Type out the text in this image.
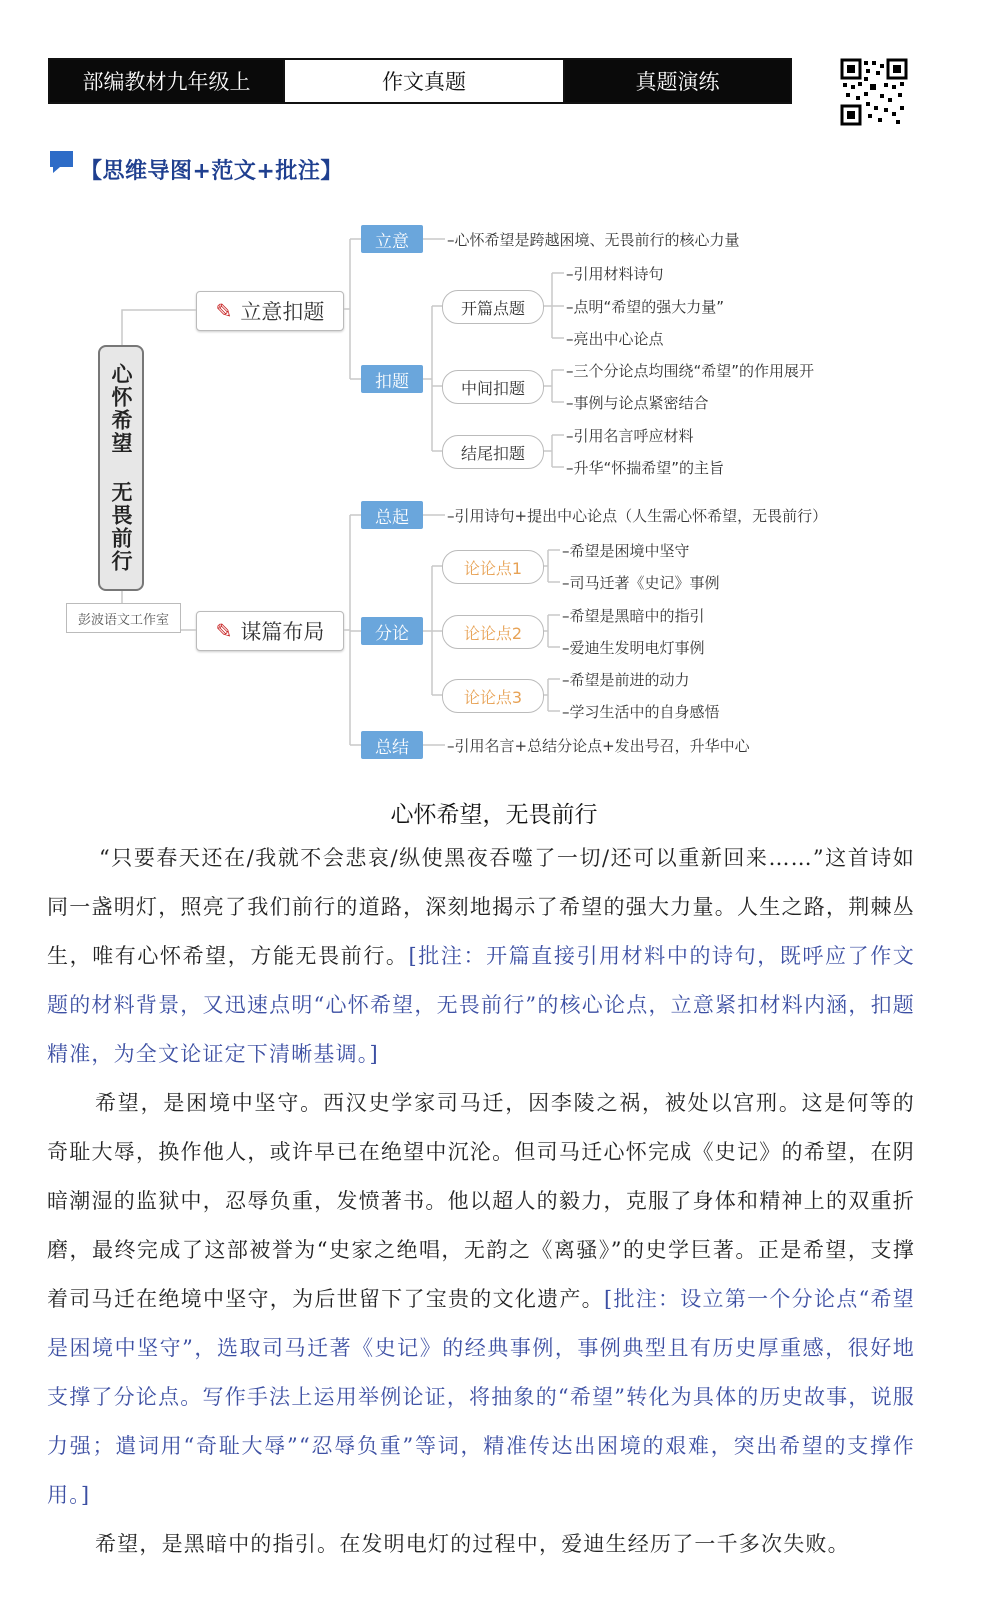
部编教材九年级上	作文真题	真题演练
【思维导图+范文+批注】
心怀希望 无畏前行
彭波语文工作室
✎ 立意扣题
立意	–心怀希望是跨越困境、无畏前行的核心力量
扣题
开篇点题
–引用材料诗句
–点明“希望的强大力量”
–亮出中心论点
中间扣题
–三个分论点均围绕“希望”的作用展开
–事例与论点紧密结合
结尾扣题
–引用名言呼应材料
–升华“怀揣希望”的主旨
✎ 谋篇布局
总起	–引用诗句+提出中心论点（人生需心怀希望，无畏前行）
分论
论论点1
–希望是困境中坚守
–司马迁著《史记》事例
论论点2
–希望是黑暗中的指引
–爱迪生发明电灯事例
论论点3
–希望是前进的动力
–学习生活中的自身感悟
总结	–引用名言+总结分论点+发出号召，升华中心
心怀希望，无畏前行
“只要春天还在/我就不会悲哀/纵使黑夜吞噬了一切/还可以重新回来……”这首诗如同一盏明灯，照亮了我们前行的道路，深刻地揭示了希望的强大力量。人生之路，荆棘丛生，唯有心怀希望，方能无畏前行。[批注：开篇直接引用材料中的诗句，既呼应了作文题的材料背景，又迅速点明“心怀希望，无畏前行”的核心论点，立意紧扣材料内涵，扣题精准，为全文论证定下清晰基调。]
希望，是困境中坚守。西汉史学家司马迁，因李陵之祸，被处以宫刑。这是何等的奇耻大辱，换作他人，或许早已在绝望中沉沦。但司马迁心怀完成《史记》的希望，在阴暗潮湿的监狱中，忍辱负重，发愤著书。他以超人的毅力，克服了身体和精神上的双重折磨，最终完成了这部被誉为“史家之绝唱，无韵之《离骚》”的史学巨著。正是希望，支撑着司马迁在绝境中坚守，为后世留下了宝贵的文化遗产。[批注：设立第一个分论点“希望是困境中坚守”，选取司马迁著《史记》的经典事例，事例典型且有历史厚重感，很好地支撑了分论点。写作手法上运用举例论证，将抽象的“希望”转化为具体的历史故事，说服力强；遣词用“奇耻大辱”“忍辱负重”等词，精准传达出困境的艰难，突出希望的支撑作用。]
希望，是黑暗中的指引。在发明电灯的过程中，爱迪生经历了一千多次失败。
